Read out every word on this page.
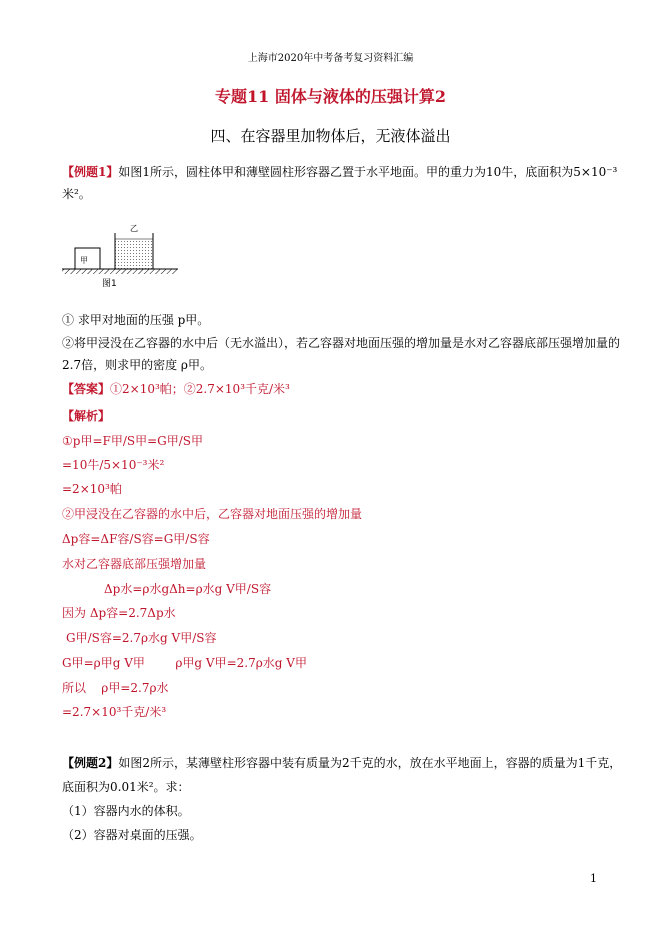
上海市2020年中考备考复习资料汇编
专题11 固体与液体的压强计算2
四、在容器里加物体后，无液体溢出
【例题1】如图1所示，圆柱体甲和薄壁圆柱形容器乙置于水平地面。甲的重力为10牛，底面积为5×10⁻³
米²。
甲
乙
图1
① 求甲对地面的压强 p甲。
②将甲浸没在乙容器的水中后（无水溢出），若乙容器对地面压强的增加量是水对乙容器底部压强增加量的
2.7倍，则求甲的密度 ρ甲。
【答案】①2×10³帕；②2.7×10³千克/米³
【解析】
①p甲=F甲/S甲=G甲/S甲
=10牛/5×10⁻³米²
=2×10³帕
②甲浸没在乙容器的水中后，乙容器对地面压强的增加量
Δp容=ΔF容/S容=G甲/S容
水对乙容器底部压强增加量
Δp水=ρ水gΔh=ρ水g V甲/S容
因为 Δp容=2.7Δp水
G甲/S容=2.7ρ水g V甲/S容
G甲=ρ甲g V甲        ρ甲g V甲=2.7ρ水g V甲
所以    ρ甲=2.7ρ水
=2.7×10³千克/米³
【例题2】如图2所示，某薄壁柱形容器中装有质量为2千克的水，放在水平地面上，容器的质量为1千克，
底面积为0.01米²。求：
（1）容器内水的体积。
（2）容器对桌面的压强。
1
